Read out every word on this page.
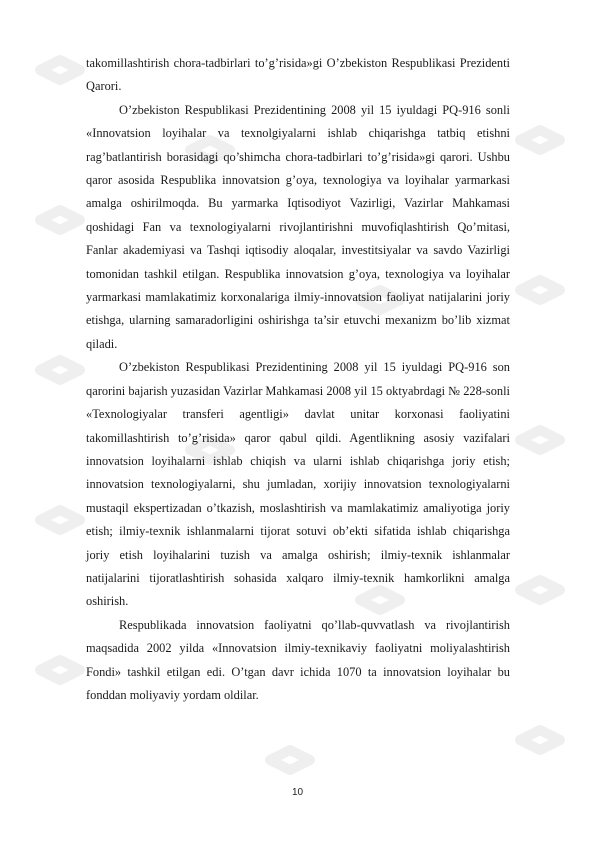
takomillashtirish chora-tadbirlari to’g’risida»gi O’zbekiston Respublikasi Prezidenti Qarori.

O’zbekiston Respublikasi Prezidentining 2008 yil 15 iyuldagi PQ-916 sonli «Innovatsion loyihalar va texnolgiyalarni ishlab chiqarishga tatbiq etishni rag’batlantirish borasidagi qo’shimcha chora-tadbirlari to’g’risida»gi qarori. Ushbu qaror asosida Respublika innovatsion g’oya, texnologiya va loyihalar yarmarkasi amalga oshirilmoqda. Bu yarmarka Iqtisodiyot Vazirligi, Vazirlar Mahkamasi qoshidagi Fan va texnologiyalarni rivojlantirishni muvofiqlashtirish Qo’mitasi, Fanlar akademiyasi va Tashqi iqtisodiy aloqalar, investitsiyalar va savdo Vazirligi tomonidan tashkil etilgan. Respublika innovatsion g’oya, texnologiya va loyihalar yarmarkasi mamlakatimiz korxonalariga ilmiy-innovatsion faoliyat natijalarini joriy etishga, ularning samaradorligini oshirishga ta’sir etuvchi mexanizm bo’lib xizmat qiladi.

O’zbekiston Respublikasi Prezidentining 2008 yil 15 iyuldagi PQ-916 son qarorini bajarish yuzasidan Vazirlar Mahkamasi 2008 yil 15 oktyabrdagi № 228-sonli «Texnologiyalar transferi agentligi» davlat unitar korxonasi faoliyatini takomillashtirish to’g’risida» qaror qabul qildi. Agentlikning asosiy vazifalari innovatsion loyihalarni ishlab chiqish va ularni ishlab chiqarishga joriy etish; innovatsion texnologiyalarni, shu jumladan, xorijiy innovatsion texnologiyalarni mustaqil ekspertizadan o’tkazish, moslashtirish va mamlakatimiz amaliyotiga joriy etish; ilmiy-texnik ishlanmalarni tijorat sotuvi ob’ekti sifatida ishlab chiqarishga joriy etish loyihalarini tuzish va amalga oshirish; ilmiy-texnik ishlanmalar natijalarini tijoratlashtirish sohasida xalqaro ilmiy-texnik hamkorlikni amalga oshirish.

Respublikada innovatsion faoliyatni qo’llab-quvvatlash va rivojlantirish maqsadida 2002 yilda «Innovatsion ilmiy-texnikaviy faoliyatni moliyalashtirish Fondi» tashkil etilgan edi. O’tgan davr ichida 1070 ta innovatsion loyihalar bu fonddan moliyaviy yordam oldilar.

10
